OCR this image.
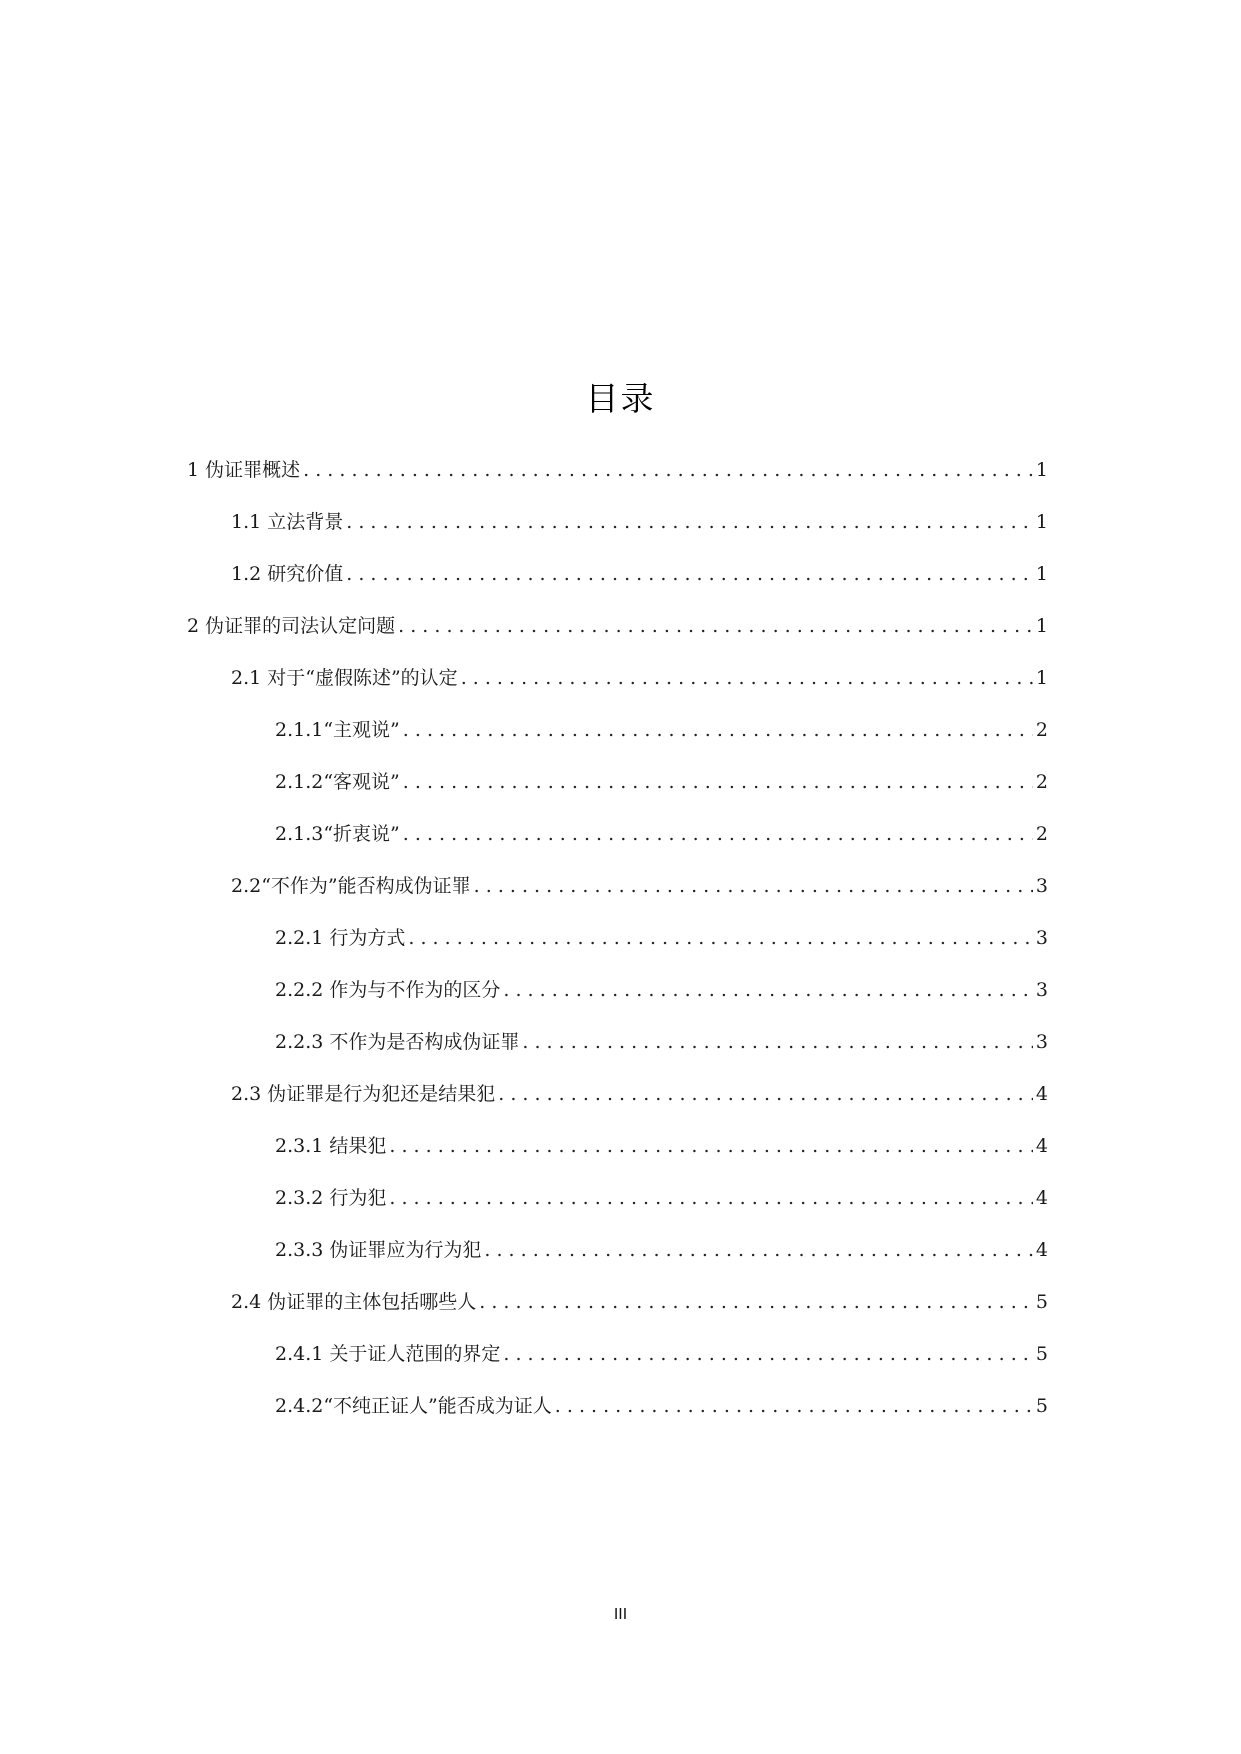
目录
1 伪证罪概述 . . .	1
1.1 立法背景 . . .	1
1.2 研究价值 . . .	1
2 伪证罪的司法认定问题 . . .	1
2.1 对于“虚假陈述”的认定 . . .	1
2.1.1“主观说” . . .	2
2.1.2“客观说” . . .	2
2.1.3“折衷说” . . .	2
2.2“不作为”能否构成伪证罪 . . .	3
2.2.1 行为方式 . . .	3
2.2.2 作为与不作为的区分 . . .	3
2.2.3 不作为是否构成伪证罪 . . .	3
2.3 伪证罪是行为犯还是结果犯 . . .	4
2.3.1 结果犯 . . .	4
2.3.2 行为犯 . . .	4
2.3.3 伪证罪应为行为犯 . . .	4
2.4 伪证罪的主体包括哪些人 . . .	5
2.4.1 关于证人范围的界定 . . .	5
2.4.2“不纯正证人”能否成为证人 . . .	5
III
